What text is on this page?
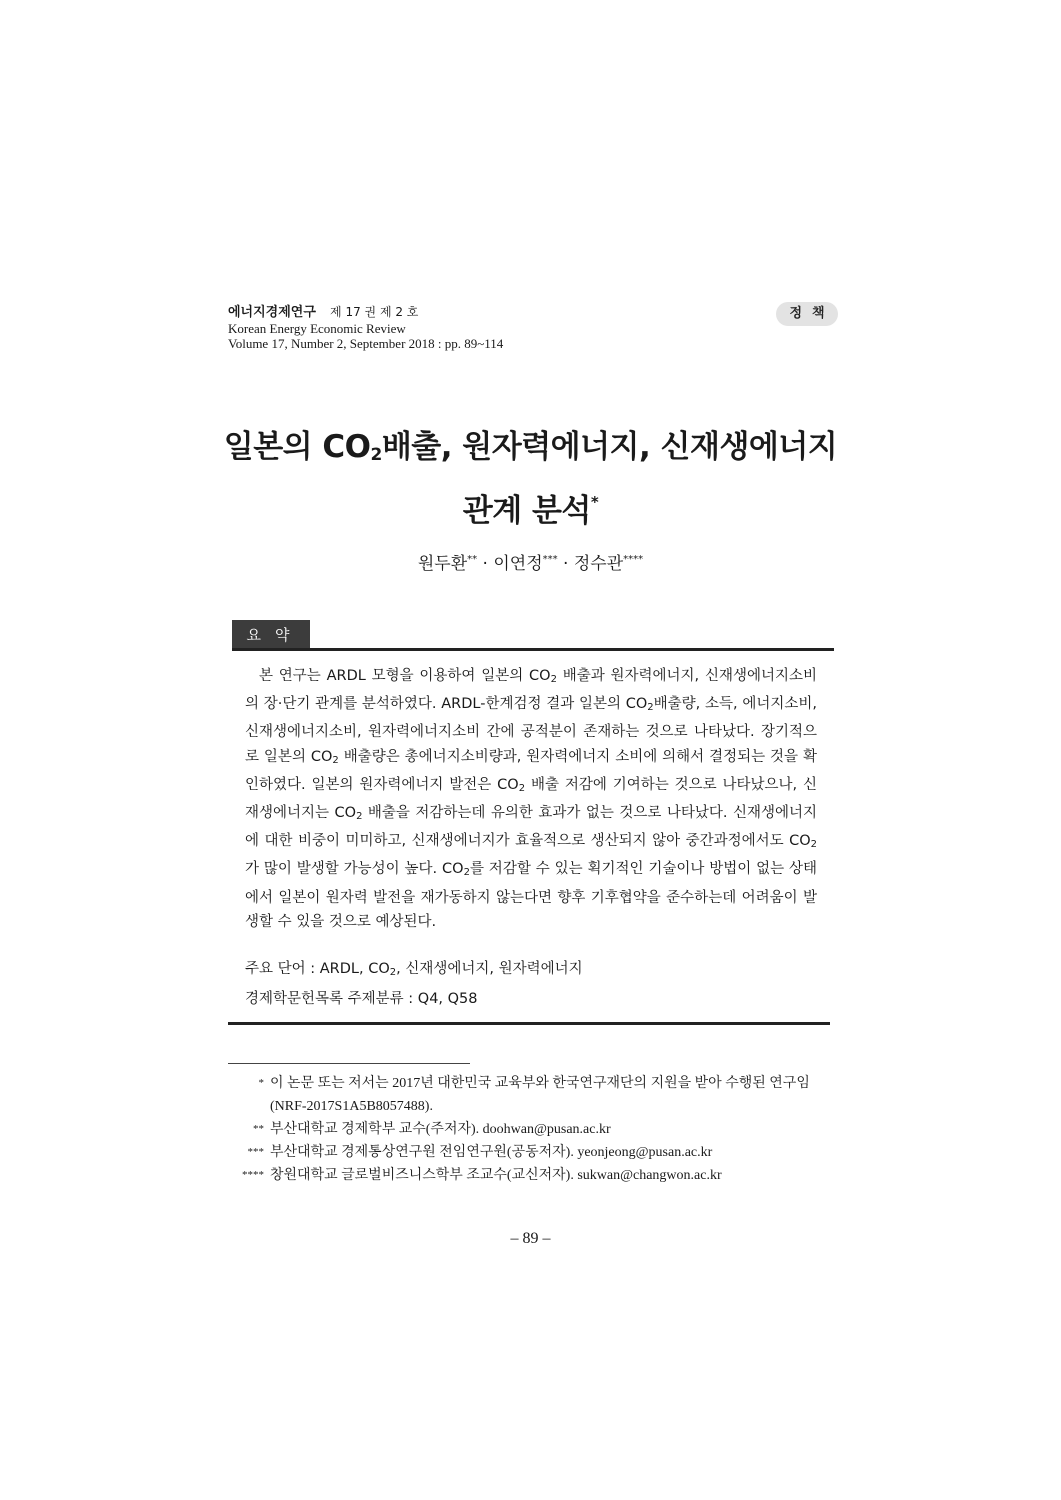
에너지경제연구 제 17 권 제 2 호
Korean Energy Economic Review
Volume 17, Number 2, September 2018 : pp. 89~114
정책
일본의 $CO_2$배출, 원자력에너지, 신재생에너지
관계 분석*
원두환** · 이연정*** · 정수관****
요약

본 연구는 ARDL 모형을 이용하여 일본의 $CO_2$ 배출과 원자력에너지, 신재생에너지소비의 장·단기 관계를 분석하였다. ARDL-한계검정 결과 일본의 $CO_2$배출량, 소득, 에너지소비, 신재생에너지소비, 원자력에너지소비 간에 공적분이 존재하는 것으로 나타났다. 장기적으로 일본의 $CO_2$ 배출량은 총에너지소비량과, 원자력에너지 소비에 의해서 결정되는 것을 확인하였다. 일본의 원자력에너지 발전은 $CO_2$ 배출 저감에 기여하는 것으로 나타났으나, 신재생에너지는 $CO_2$ 배출을 저감하는데 유의한 효과가 없는 것으로 나타났다. 신재생에너지에 대한 비중이 미미하고, 신재생에너지가 효율적으로 생산되지 않아 중간과정에서도 $CO_2$가 많이 발생할 가능성이 높다. $CO_2$를 저감할 수 있는 획기적인 기술이나 방법이 없는 상태에서 일본이 원자력 발전을 재가동하지 않는다면 향후 기후협약을 준수하는데 어려움이 발생할 수 있을 것으로 예상된다.

주요 단어 : ARDL, $CO_2$, 신재생에너지, 원자력에너지
경제학문헌목록 주제분류 : Q4, Q58
* 이 논문 또는 저서는 2017년 대한민국 교육부와 한국연구재단의 지원을 받아 수행된 연구임 (NRF-2017S1A5B8057488).
** 부산대학교 경제학부 교수(주저자). doohwan@pusan.ac.kr
*** 부산대학교 경제통상연구원 전임연구원(공동저자). yeonjeong@pusan.ac.kr
**** 창원대학교 글로벌비즈니스학부 조교수(교신저자). sukwan@changwon.ac.kr
– 89 –
